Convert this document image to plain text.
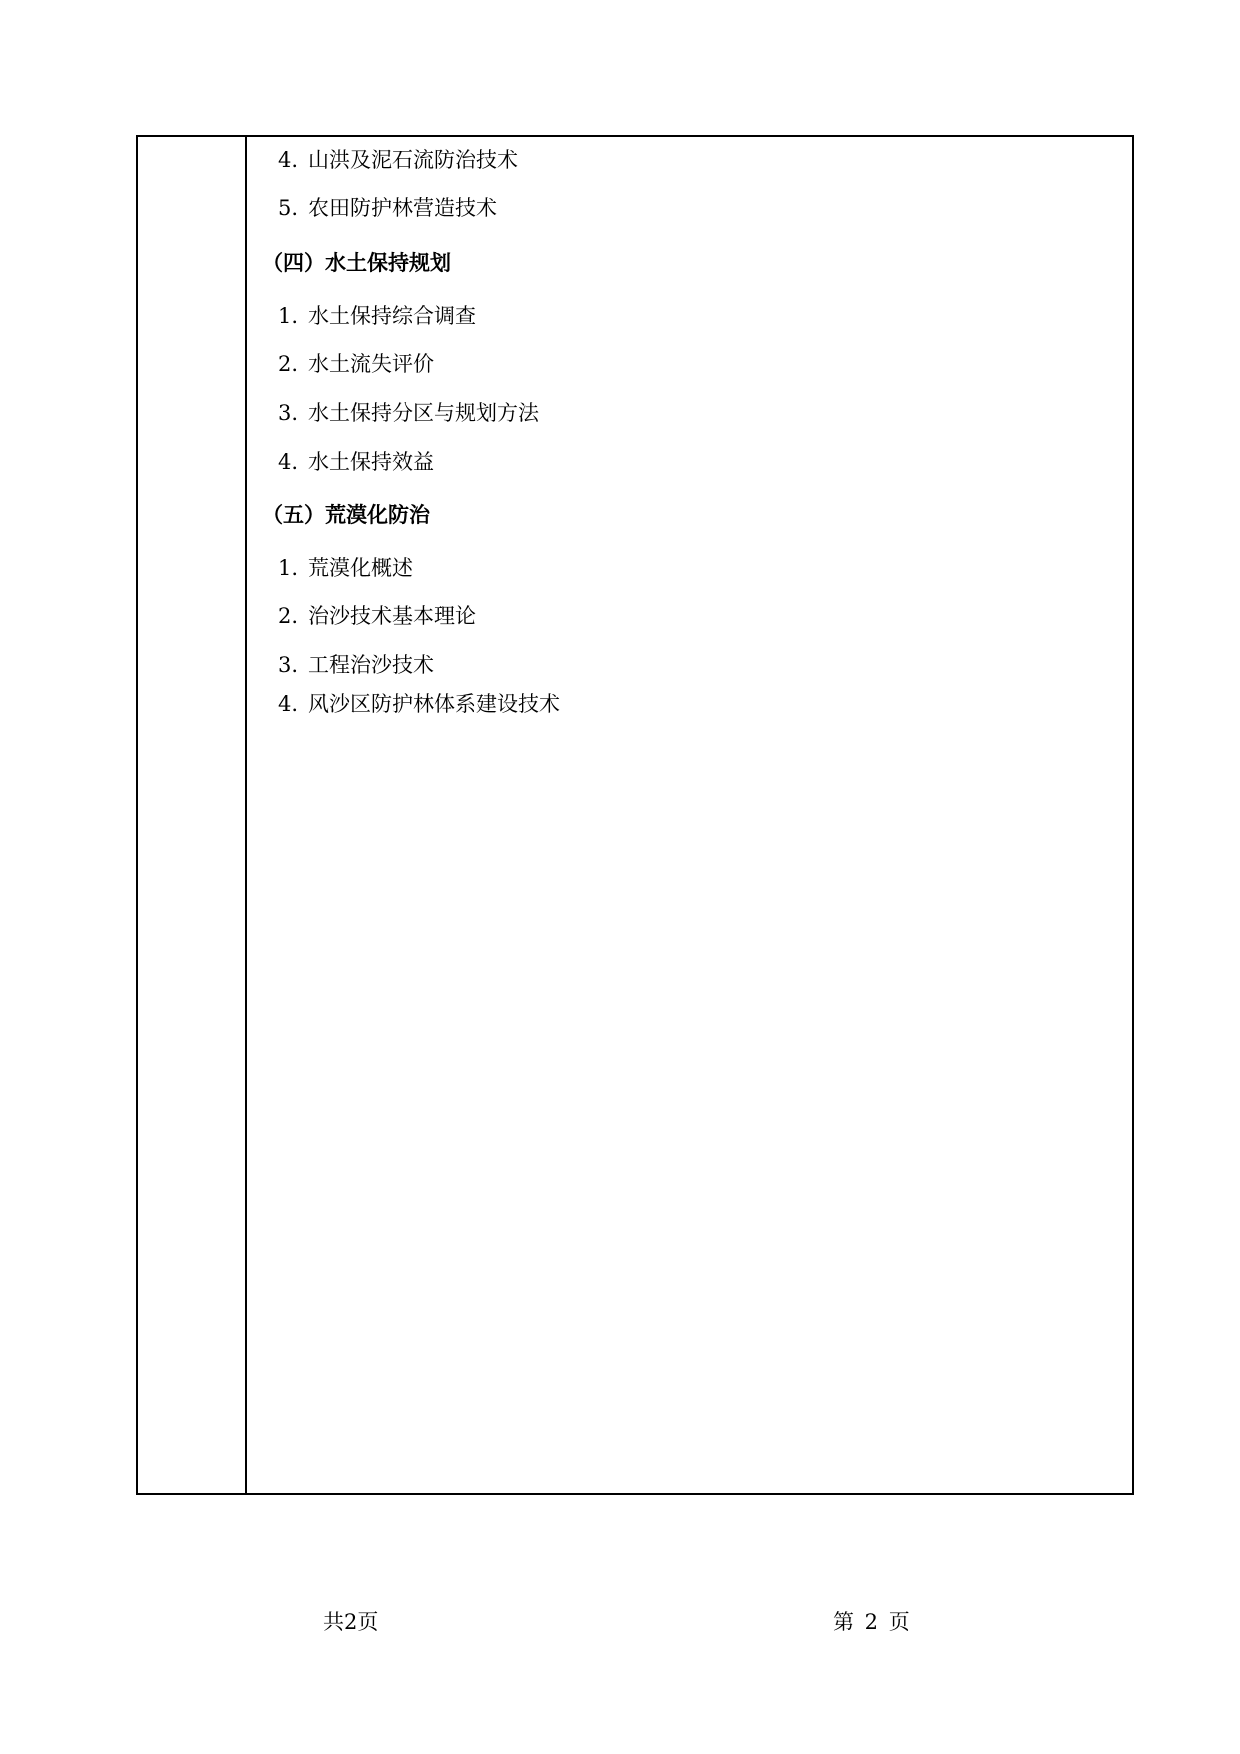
4. 山洪及泥石流防治技术
5. 农田防护林营造技术
（四）水土保持规划
1. 水土保持综合调查
2. 水土流失评价
3. 水土保持分区与规划方法
4. 水土保持效益
（五）荒漠化防治
1. 荒漠化概述
2. 治沙技术基本理论
3. 工程治沙技术
4. 风沙区防护林体系建设技术
共2页	第 2 页
